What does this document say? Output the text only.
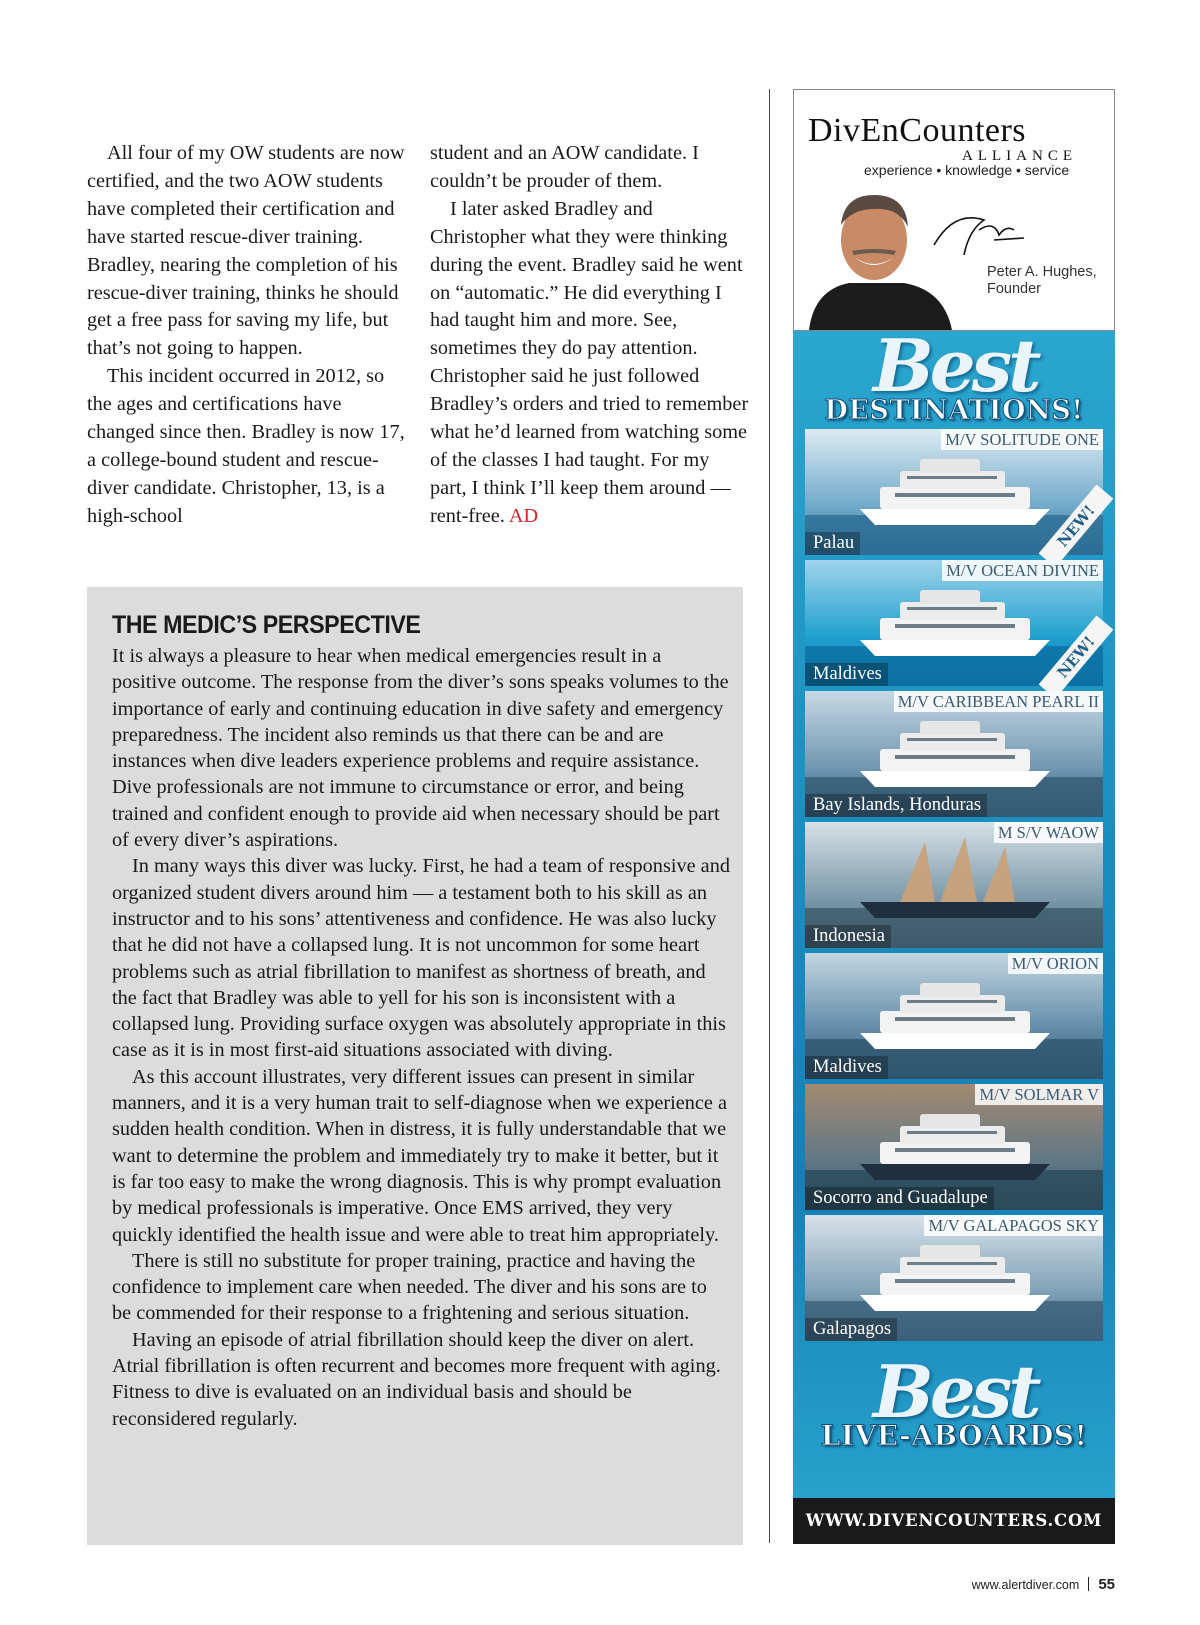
All four of my OW students are now certified, and the two AOW students have completed their certification and have started rescue-diver training. Bradley, nearing the completion of his rescue-diver training, thinks he should get a free pass for saving my life, but that’s not going to happen.

This incident occurred in 2012, so the ages and certifications have changed since then. Bradley is now 17, a college-bound student and rescue-diver candidate. Christopher, 13, is a high-school

student and an AOW candidate. I couldn’t be prouder of them.

I later asked Bradley and Christopher what they were thinking during the event. Bradley said he went on “automatic.” He did everything I had taught him and more. See, sometimes they do pay attention. Christopher said he just followed Bradley’s orders and tried to remember what he’d learned from watching some of the classes I had taught. For my part, I think I’ll keep them around — rent-free. AD

THE MEDIC’S PERSPECTIVE

It is always a pleasure to hear when medical emergencies result in a positive outcome. The response from the diver’s sons speaks volumes to the importance of early and continuing education in dive safety and emergency preparedness. The incident also reminds us that there can be and are instances when dive leaders experience problems and require assistance. Dive professionals are not immune to circumstance or error, and being trained and confident enough to provide aid when necessary should be part of every diver’s aspirations.

In many ways this diver was lucky. First, he had a team of responsive and organized student divers around him — a testament both to his skill as an instructor and to his sons’ attentiveness and confidence. He was also lucky that he did not have a collapsed lung. It is not uncommon for some heart problems such as atrial fibrillation to manifest as shortness of breath, and the fact that Bradley was able to yell for his son is inconsistent with a collapsed lung. Providing surface oxygen was absolutely appropriate in this case as it is in most first-aid situations associated with diving.

As this account illustrates, very different issues can present in similar manners, and it is a very human trait to self-diagnose when we experience a sudden health condition. When in distress, it is fully understandable that we want to determine the problem and immediately try to make it better, but it is far too easy to make the wrong diagnosis. This is why prompt evaluation by medical professionals is imperative. Once EMS arrived, they very quickly identified the health issue and were able to treat him appropriately.

There is still no substitute for proper training, practice and having the confidence to implement care when needed. The diver and his sons are to be commended for their response to a frightening and serious situation.

Having an episode of atrial fibrillation should keep the diver on alert. Atrial fibrillation is often recurrent and becomes more frequent with aging. Fitness to dive is evaluated on an individual basis and should be reconsidered regularly.

DivEnCounters
ALLIANCE
experience • knowledge • service
Peter A. Hughes,
Founder
Best
DESTINATIONS!
M/V SOLITUDE ONE
Palau	NEW!
M/V OCEAN DIVINE
Maldives	NEW!
M/V CARIBBEAN PEARL II
Bay Islands, Honduras
M S/V WAOW
Indonesia
M/V ORION
Maldives
M/V SOLMAR V
Socorro and Guadalupe
M/V GALAPAGOS SKY
Galapagos
Best
LIVE-ABOARDS!
WWW.DIVENCOUNTERS.COM
www.alertdiver.com 55
